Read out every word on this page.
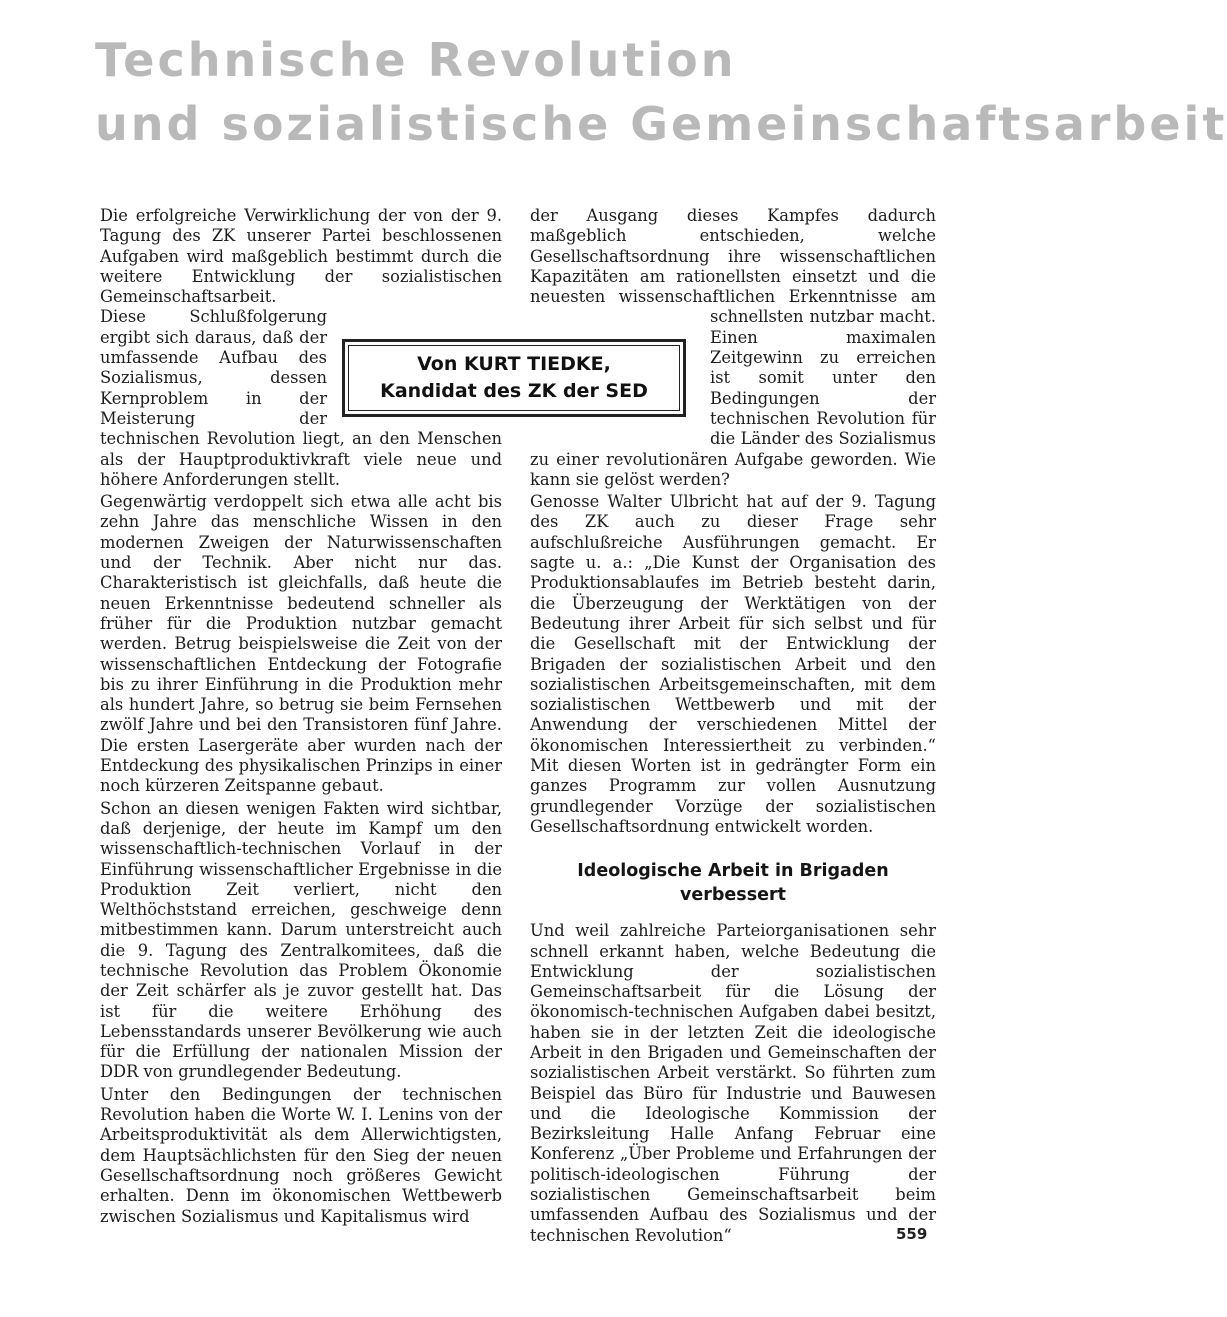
Technische Revolution
und sozialistische Gemeinschaftsarbeit

Die erfolgreiche Verwirklichung der von der 9. Tagung des ZK unserer Partei beschlossenen Aufgaben wird maßgeblich bestimmt durch die weitere Entwicklung der sozialistischen Gemeinschaftsarbeit. Diese Schlußfolgerung ergibt sich daraus, daß der umfassende Aufbau des Sozialismus, dessen Kernproblem in der Meisterung der technischen Revolution liegt, an den Menschen als der Hauptproduktivkraft viele neue und höhere Anforderungen stellt.

Gegenwärtig verdoppelt sich etwa alle acht bis zehn Jahre das menschliche Wissen in den modernen Zweigen der Naturwissenschaften und der Technik. Aber nicht nur das. Charakteristisch ist gleichfalls, daß heute die neuen Erkenntnisse bedeutend schneller als früher für die Produktion nutzbar gemacht werden. Betrug beispielsweise die Zeit von der wissenschaftlichen Entdeckung der Fotografie bis zu ihrer Einführung in die Produktion mehr als hundert Jahre, so betrug sie beim Fernsehen zwölf Jahre und bei den Transistoren fünf Jahre. Die ersten Lasergeräte aber wurden nach der Entdeckung des physikalischen Prinzips in einer noch kürzeren Zeitspanne gebaut.

Schon an diesen wenigen Fakten wird sichtbar, daß derjenige, der heute im Kampf um den wissenschaftlich-technischen Vorlauf in der Einführung wissenschaftlicher Ergebnisse in die Produktion Zeit verliert, nicht den Welthöchststand erreichen, geschweige denn mitbestimmen kann. Darum unterstreicht auch die 9. Tagung des Zentralkomitees, daß die technische Revolution das Problem Ökonomie der Zeit schärfer als je zuvor gestellt hat. Das ist für die weitere Erhöhung des Lebensstandards unserer Bevölkerung wie auch für die Erfüllung der nationalen Mission der DDR von grundlegender Bedeutung.

Unter den Bedingungen der technischen Revolution haben die Worte W. I. Lenins von der Arbeitsproduktivität als dem Allerwichtigsten, dem Hauptsächlichsten für den Sieg der neuen Gesellschaftsordnung noch größeres Gewicht erhalten. Denn im ökonomischen Wettbewerb zwischen Sozialismus und Kapitalismus wird

der Ausgang dieses Kampfes dadurch maßgeblich entschieden, welche Gesellschaftsordnung ihre wissenschaftlichen Kapazitäten am rationellsten einsetzt und die neuesten wissenschaftlichen Erkenntnisse am schnellsten nutzbar macht. Einen maximalen Zeitgewinn zu erreichen ist somit unter den Bedingungen der technischen Revolution für die Länder des Sozialismus zu einer revolutionären Aufgabe geworden. Wie kann sie gelöst werden?

Genosse Walter Ulbricht hat auf der 9. Tagung des ZK auch zu dieser Frage sehr aufschlußreiche Ausführungen gemacht. Er sagte u. a.: „Die Kunst der Organisation des Produktionsablaufes im Betrieb besteht darin, die Überzeugung der Werktätigen von der Bedeutung ihrer Arbeit für sich selbst und für die Gesellschaft mit der Entwicklung der Brigaden der sozialistischen Arbeit und den sozialistischen Arbeitsgemeinschaften, mit dem sozialistischen Wettbewerb und mit der Anwendung der verschiedenen Mittel der ökonomischen Interessiertheit zu verbinden.“ Mit diesen Worten ist in gedrängter Form ein ganzes Programm zur vollen Ausnutzung grundlegender Vorzüge der sozialistischen Gesellschaftsordnung entwickelt worden.

Ideologische Arbeit in Brigaden
verbessert

Und weil zahlreiche Parteiorganisationen sehr schnell erkannt haben, welche Bedeutung die Entwicklung der sozialistischen Gemeinschaftsarbeit für die Lösung der ökonomisch-technischen Aufgaben dabei besitzt, haben sie in der letzten Zeit die ideologische Arbeit in den Brigaden und Gemeinschaften der sozialistischen Arbeit verstärkt. So führten zum Beispiel das Büro für Industrie und Bauwesen und die Ideologische Kommission der Bezirksleitung Halle Anfang Februar eine Konferenz „Über Probleme und Erfahrungen der politisch-ideologischen Führung der sozialistischen Gemeinschaftsarbeit beim umfassenden Aufbau des Sozialismus und der technischen Revolution“

Von KURT TIEDKE,
Kandidat des ZK der SED
559
